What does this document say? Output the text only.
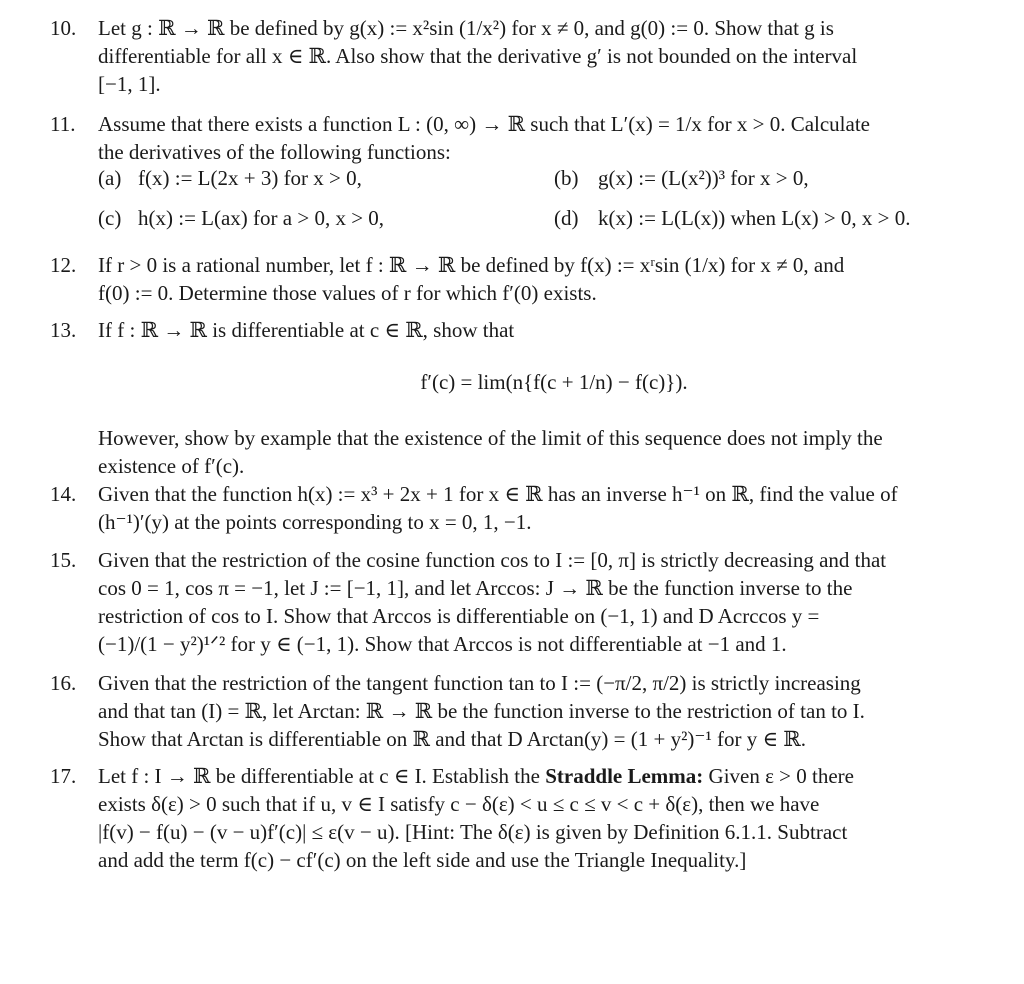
10.	Let g : ℝ → ℝ be defined by g(x) := x²sin (1/x²) for x ≠ 0, and g(0) := 0. Show that g is
differentiable for all x ∈ ℝ. Also show that the derivative g′ is not bounded on the interval
[−1, 1].
11.	Assume that there exists a function L : (0, ∞) → ℝ such that L′(x) = 1/x for x > 0. Calculate
the derivatives of the following functions:
(a) f(x) := L(2x + 3) for x > 0,	(b) g(x) := (L(x²))³ for x > 0,
(c) h(x) := L(ax) for a > 0, x > 0,	(d) k(x) := L(L(x)) when L(x) > 0, x > 0.
12.	If r > 0 is a rational number, let f : ℝ → ℝ be defined by f(x) := xʳsin (1/x) for x ≠ 0, and
f(0) := 0. Determine those values of r for which f′(0) exists.
13.	If f : ℝ → ℝ is differentiable at c ∈ ℝ, show that
f′(c) = lim(n{f(c + 1/n) − f(c)}).
However, show by example that the existence of the limit of this sequence does not imply the
existence of f′(c).
14.	Given that the function h(x) := x³ + 2x + 1 for x ∈ ℝ has an inverse h⁻¹ on ℝ, find the value of
(h⁻¹)′(y) at the points corresponding to x = 0, 1, −1.
15.	Given that the restriction of the cosine function cos to I := [0, π] is strictly decreasing and that
cos 0 = 1, cos π = −1, let J := [−1, 1], and let Arccos: J → ℝ be the function inverse to the
restriction of cos to I. Show that Arccos is differentiable on (−1, 1) and D Acrccos y =
(−1)/(1 − y²)¹ᐟ² for y ∈ (−1, 1). Show that Arccos is not differentiable at −1 and 1.
16.	Given that the restriction of the tangent function tan to I := (−π/2, π/2) is strictly increasing
and that tan (I) = ℝ, let Arctan: ℝ → ℝ be the function inverse to the restriction of tan to I.
Show that Arctan is differentiable on ℝ and that D Arctan(y) = (1 + y²)⁻¹ for y ∈ ℝ.
17.	Let f : I → ℝ be differentiable at c ∈ I. Establish the Straddle Lemma: Given ε > 0 there
exists δ(ε) > 0 such that if u, v ∈ I satisfy c − δ(ε) < u ≤ c ≤ v < c + δ(ε), then we have
|f(v) − f(u) − (v − u)f′(c)| ≤ ε(v − u). [Hint: The δ(ε) is given by Definition 6.1.1. Subtract
and add the term f(c) − cf′(c) on the left side and use the Triangle Inequality.]
